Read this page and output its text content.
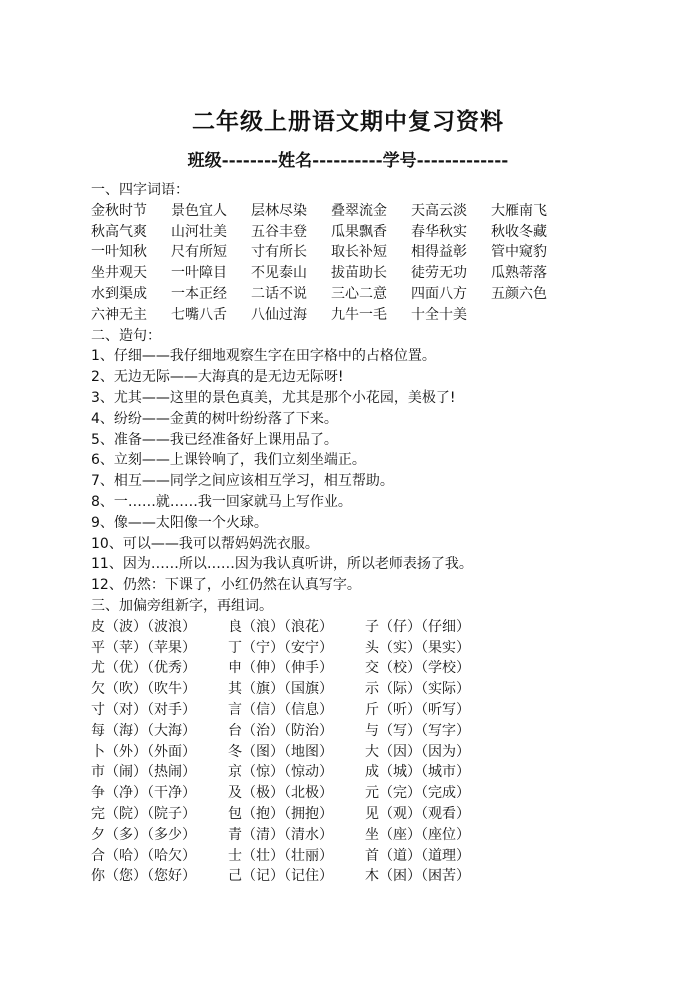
二年级上册语文期中复习资料
班级--------姓名----------学号-------------
一、四字词语：
金秋时节 景色宜人 层林尽染 叠翠流金 天高云淡 大雁南飞
秋高气爽 山河壮美 五谷丰登 瓜果飘香 春华秋实 秋收冬藏
一叶知秋 尺有所短 寸有所长 取长补短 相得益彰 管中窥豹
坐井观天 一叶障目 不见泰山 拔苗助长 徒劳无功 瓜熟蒂落
水到渠成 一本正经 二话不说 三心二意 四面八方 五颜六色
六神无主 七嘴八舌 八仙过海 九牛一毛 十全十美
二、造句：
1、仔细——我仔细地观察生字在田字格中的占格位置。
2、无边无际——大海真的是无边无际呀!
3、尤其——这里的景色真美，尤其是那个小花园，美极了!
4、纷纷——金黄的树叶纷纷落了下来。
5、准备——我已经准备好上课用品了。
6、立刻——上课铃响了，我们立刻坐端正。
7、相互——同学之间应该相互学习，相互帮助。
8、一……就……我一回家就马上写作业。
9、像——太阳像一个火球。
10、可以——我可以帮妈妈洗衣服。
11、因为……所以……因为我认真听讲，所以老师表扬了我。
12、仍然：下课了，小红仍然在认真写字。
三、加偏旁组新字，再组词。
皮（波）（波浪） 良（浪）（浪花） 子（仔）（仔细）
平（苹）（苹果） 丁（宁）（安宁） 头（实）（果实）
尤（优）（优秀） 申（伸）（伸手） 交（校）（学校）
欠（吹）（吹牛） 其（旗）（国旗） 示（际）（实际）
寸（对）（对手） 言（信）（信息） 斤（听）（听写）
每（海）（大海） 台（治）（防治） 与（写）（写字）
卜（外）（外面） 冬（图）（地图） 大（因）（因为）
市（闹）（热闹） 京（惊）（惊动） 成（城）（城市）
争（净）（干净） 及（极）（北极） 元（完）（完成）
完（院）（院子） 包（抱）（拥抱） 见（观）（观看）
夕（多）（多少） 青（清）（清水） 坐（座）（座位）
合（哈）（哈欠） 士（壮）（壮丽） 首（道）（道理）
你（您）（您好） 己（记）（记住） 木（困）（困苦）
